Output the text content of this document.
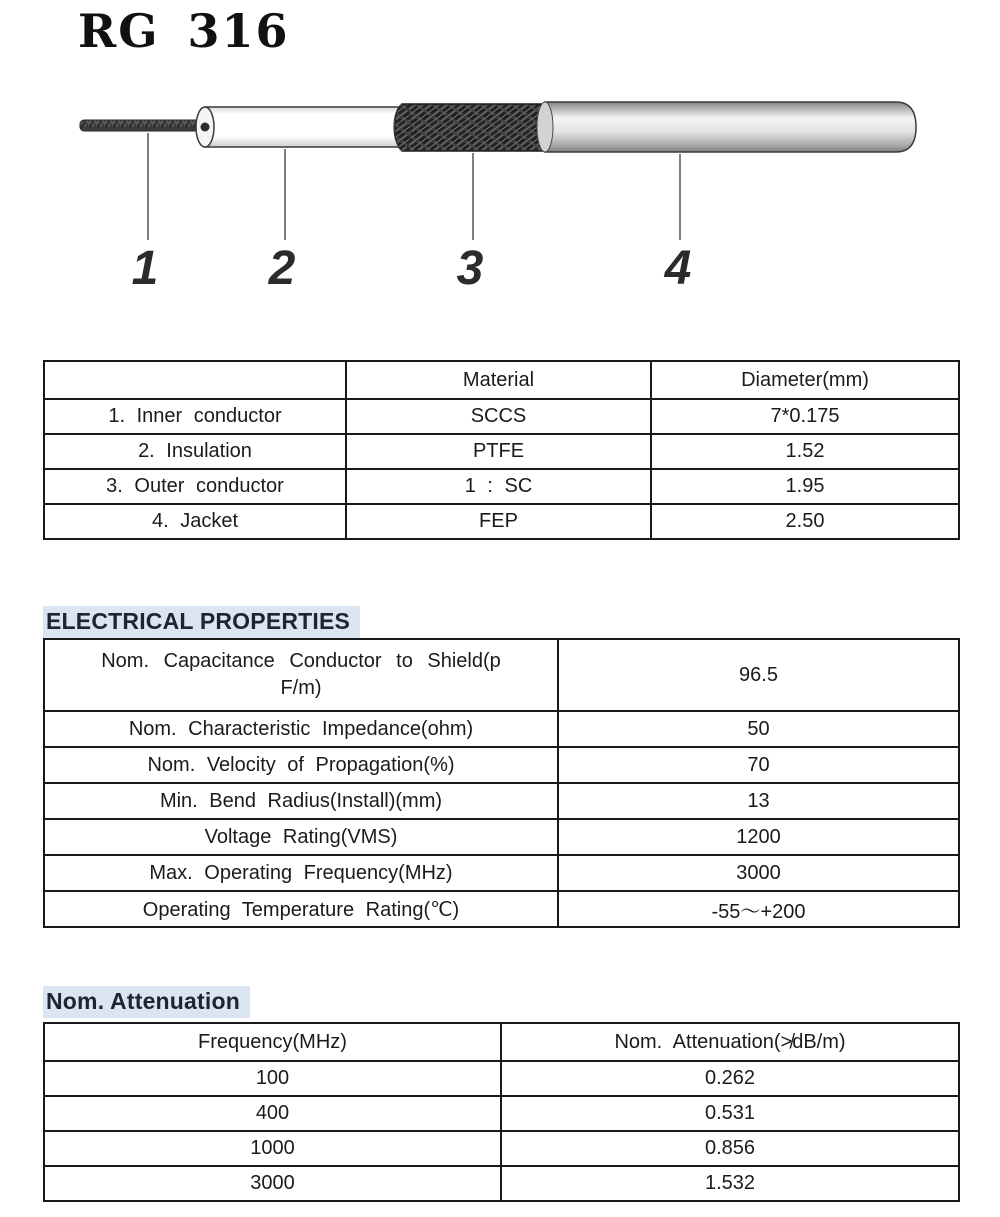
RG 316
1 2	3	4
	Material	Diameter(mm)
1. Inner conductor	SCCS	7*0.175
2. Insulation	PTFE	1.52
3. Outer conductor	1 : SC	1.95
4. Jacket	FEP	2.50
ELECTRICAL PROPERTIES
Nom. Capacitance Conductor to Shield(p
F/m)	96.5
Nom. Characteristic Impedance(ohm)	50
Nom. Velocity of Propagation(%)	70
Min. Bend Radius(Install)(mm)	13
Voltage Rating(VMS)	1200
Max. Operating Frequency(MHz)	3000
Operating Temperature Rating(℃)	-55～+200
Nom. Attenuation
Frequency(MHz)	Nom. Attenuation(≯dB/m)
100	0.262
400	0.531
1000	0.856
3000	1.532
